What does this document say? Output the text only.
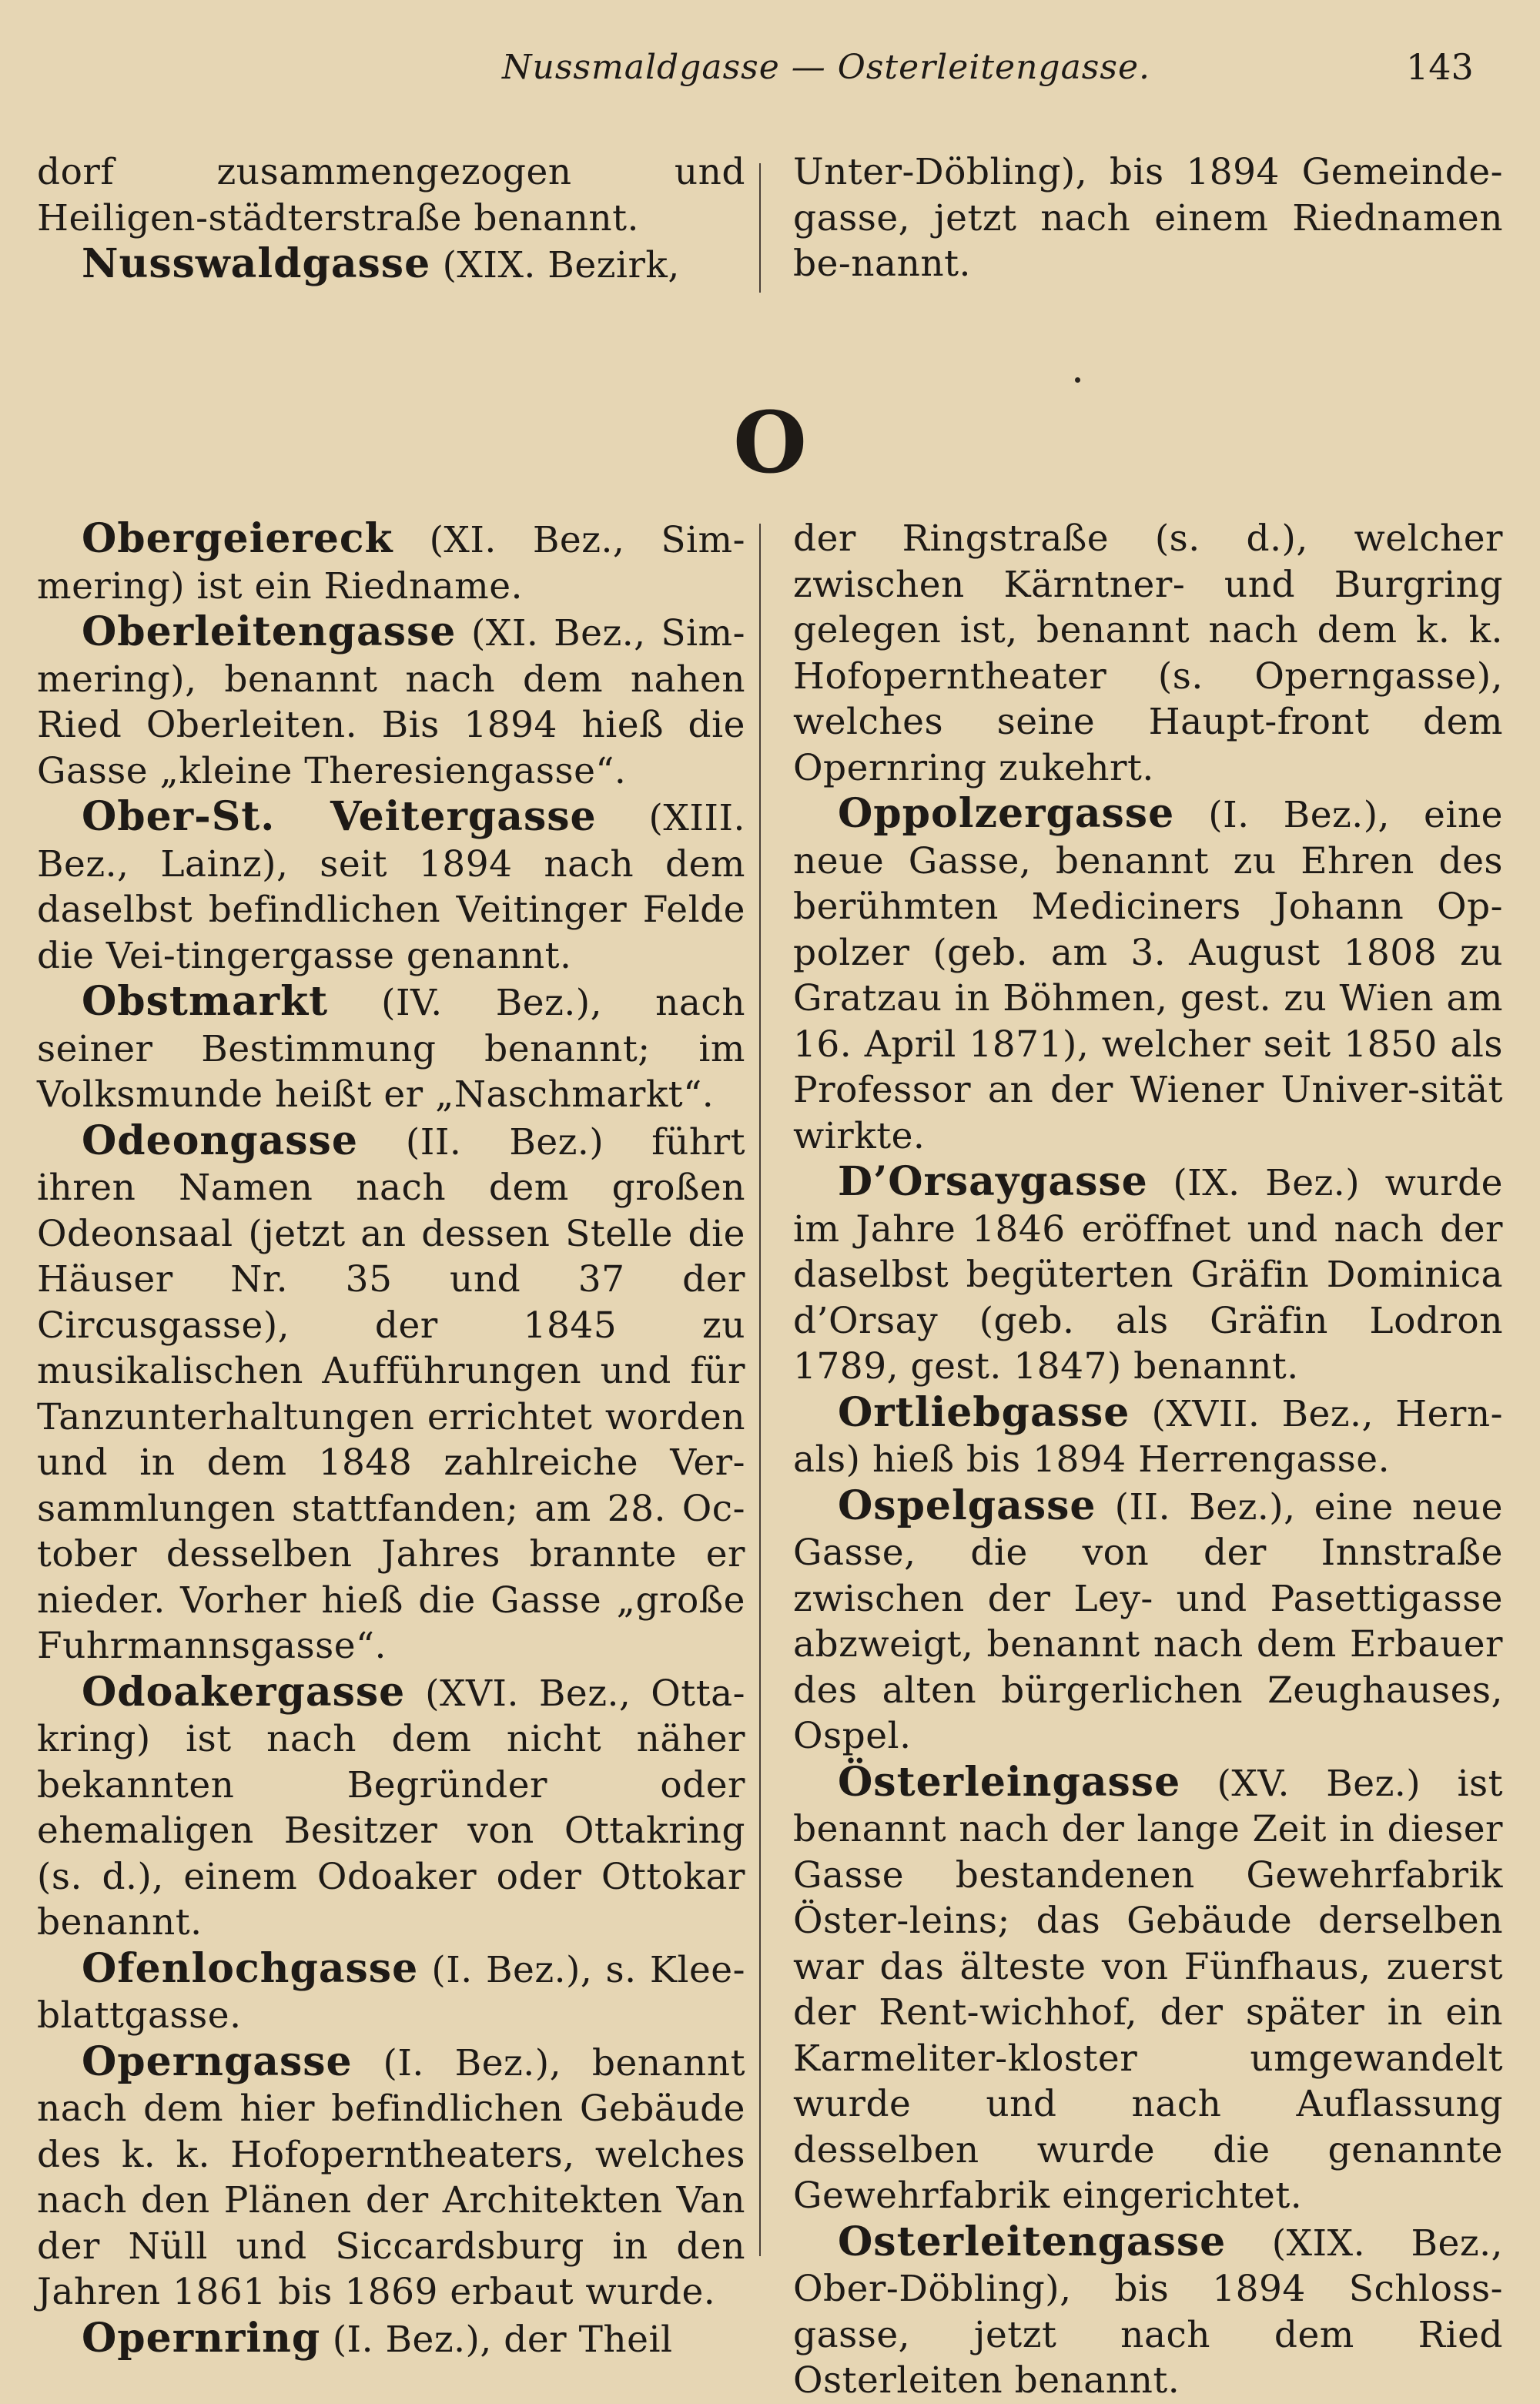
Nussmaldgasse — Osterleitengasse.	143

dorf zusammengezogen und Heiligen-städterstraße benannt.

Nusswaldgasse (XIX. Bezirk,

Unter-Döbling), bis 1894 Gemeinde-gasse, jetzt nach einem Riednamen be-nannt.

O

Obergeiereck (XI. Bez., Sim-mering) ist ein Riedname.

Oberleitengasse (XI. Bez., Sim-mering), benannt nach dem nahen Ried Oberleiten. Bis 1894 hieß die Gasse „kleine Theresiengasse“.

Ober-St. Veitergasse (XIII. Bez., Lainz), seit 1894 nach dem daselbst befindlichen Veitinger Felde die Vei-tingergasse genannt.

Obstmarkt (IV. Bez.), nach seiner Bestimmung benannt; im Volksmunde heißt er „Naschmarkt“.

Odeongasse (II. Bez.) führt ihren Namen nach dem großen Odeonsaal (jetzt an dessen Stelle die Häuser Nr. 35 und 37 der Circusgasse), der 1845 zu musikalischen Aufführungen und für Tanzunterhaltungen errichtet worden und in dem 1848 zahlreiche Ver-sammlungen stattfanden; am 28. Oc-tober desselben Jahres brannte er nieder. Vorher hieß die Gasse „große Fuhrmannsgasse“.

Odoakergasse (XVI. Bez., Otta-kring) ist nach dem nicht näher bekannten Begründer oder ehemaligen Besitzer von Ottakring (s. d.), einem Odoaker oder Ottokar benannt.

Ofenlochgasse (I. Bez.), s. Klee-blattgasse.

Operngasse (I. Bez.), benannt nach dem hier befindlichen Gebäude des k. k. Hofoperntheaters, welches nach den Plänen der Architekten Van der Nüll und Siccardsburg in den Jahren 1861 bis 1869 erbaut wurde.

Opernring (I. Bez.), der Theil

der Ringstraße (s. d.), welcher zwischen Kärntner- und Burgring gelegen ist, benannt nach dem k. k. Hofoperntheater (s. Operngasse), welches seine Haupt-front dem Opernring zukehrt.

Oppolzergasse (I. Bez.), eine neue Gasse, benannt zu Ehren des berühmten Mediciners Johann Op-polzer (geb. am 3. August 1808 zu Gratzau in Böhmen, gest. zu Wien am 16. April 1871), welcher seit 1850 als Professor an der Wiener Univer-sität wirkte.

D’Orsaygasse (IX. Bez.) wurde im Jahre 1846 eröffnet und nach der daselbst begüterten Gräfin Dominica d’Orsay (geb. als Gräfin Lodron 1789, gest. 1847) benannt.

Ortliebgasse (XVII. Bez., Hern-als) hieß bis 1894 Herrengasse.

Ospelgasse (II. Bez.), eine neue Gasse, die von der Innstraße zwischen der Ley- und Pasettigasse abzweigt, benannt nach dem Erbauer des alten bürgerlichen Zeughauses, Ospel.

Österleingasse (XV. Bez.) ist benannt nach der lange Zeit in dieser Gasse bestandenen Gewehrfabrik Öster-leins; das Gebäude derselben war das älteste von Fünfhaus, zuerst der Rent-wichhof, der später in ein Karmeliter-kloster umgewandelt wurde und nach Auflassung desselben wurde die genannte Gewehrfabrik eingerichtet.

Osterleitengasse (XIX. Bez., Ober-Döbling), bis 1894 Schloss-gasse, jetzt nach dem Ried Osterleiten benannt.
